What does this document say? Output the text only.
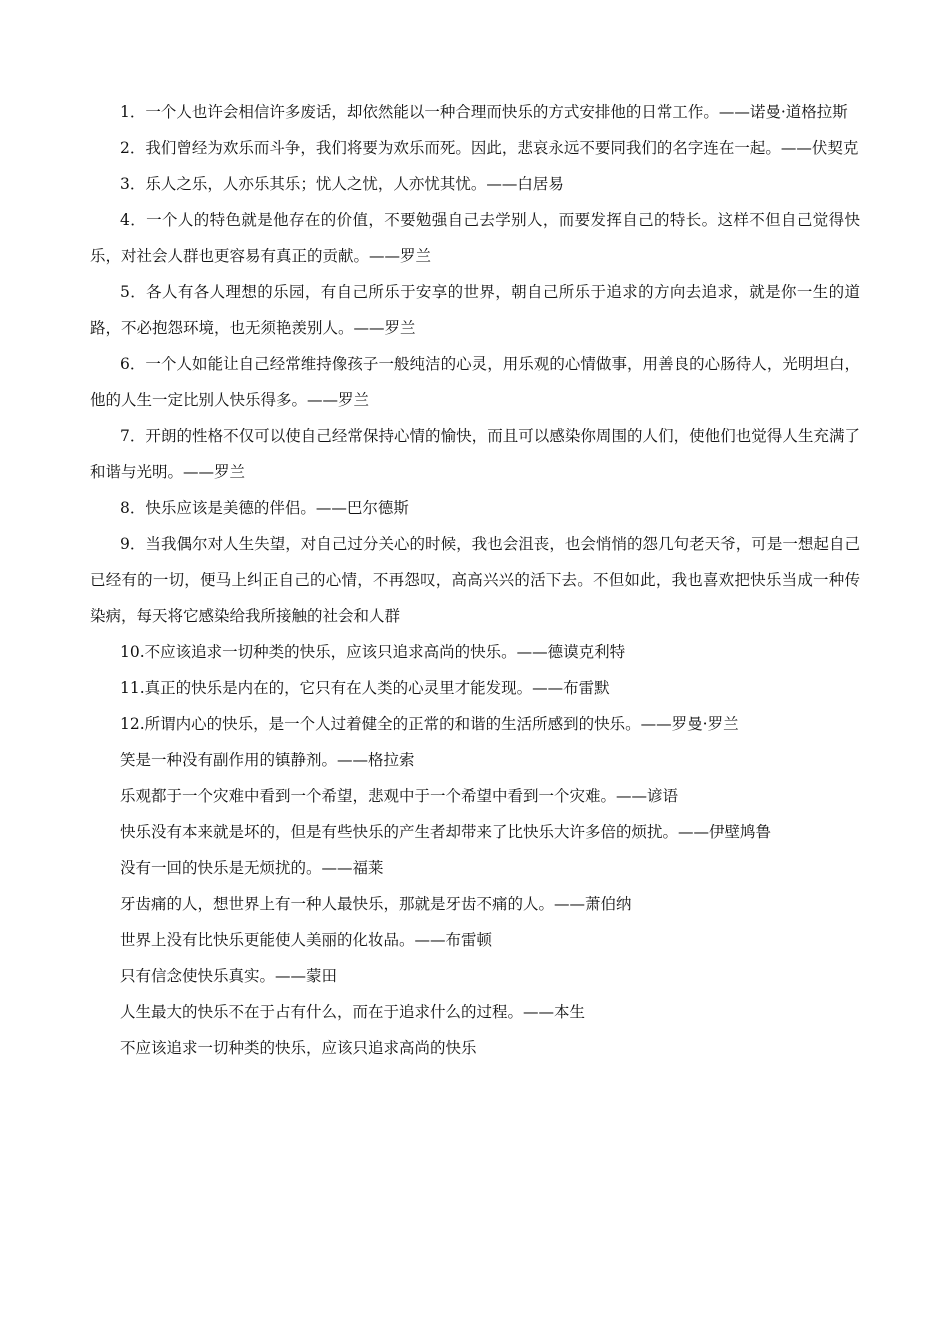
1．一个人也许会相信许多废话，却依然能以一种合理而快乐的方式安排他的日常工作。——诺曼·道格拉斯

2．我们曾经为欢乐而斗争，我们将要为欢乐而死。因此，悲哀永远不要同我们的名字连在一起。——伏契克

3．乐人之乐，人亦乐其乐；忧人之忧，人亦忧其忧。——白居易

4．一个人的特色就是他存在的价值，不要勉强自己去学别人，而要发挥自己的特长。这样不但自己觉得快乐，对社会人群也更容易有真正的贡献。——罗兰

5．各人有各人理想的乐园，有自己所乐于安享的世界，朝自己所乐于追求的方向去追求，就是你一生的道路，不必抱怨环境，也无须艳羡别人。——罗兰

6．一个人如能让自己经常维持像孩子一般纯洁的心灵，用乐观的心情做事，用善良的心肠待人，光明坦白，他的人生一定比别人快乐得多。——罗兰

7．开朗的性格不仅可以使自己经常保持心情的愉快，而且可以感染你周围的人们，使他们也觉得人生充满了和谐与光明。——罗兰

8．快乐应该是美德的伴侣。——巴尔德斯

9．当我偶尔对人生失望，对自己过分关心的时候，我也会沮丧，也会悄悄的怨几句老天爷，可是一想起自己已经有的一切，便马上纠正自己的心情，不再怨叹，高高兴兴的活下去。不但如此，我也喜欢把快乐当成一种传染病，每天将它感染给我所接触的社会和人群

10.不应该追求一切种类的快乐，应该只追求高尚的快乐。——德谟克利特

11.真正的快乐是内在的，它只有在人类的心灵里才能发现。——布雷默

12.所谓内心的快乐，是一个人过着健全的正常的和谐的生活所感到的快乐。——罗曼·罗兰

笑是一种没有副作用的镇静剂。——格拉索

乐观都于一个灾难中看到一个希望，悲观中于一个希望中看到一个灾难。——谚语

快乐没有本来就是坏的，但是有些快乐的产生者却带来了比快乐大许多倍的烦扰。——伊壁鸠鲁

没有一回的快乐是无烦扰的。——福莱

牙齿痛的人，想世界上有一种人最快乐，那就是牙齿不痛的人。——萧伯纳

世界上没有比快乐更能使人美丽的化妆品。——布雷顿

只有信念使快乐真实。——蒙田

人生最大的快乐不在于占有什么，而在于追求什么的过程。——本生

不应该追求一切种类的快乐，应该只追求高尚的快乐
